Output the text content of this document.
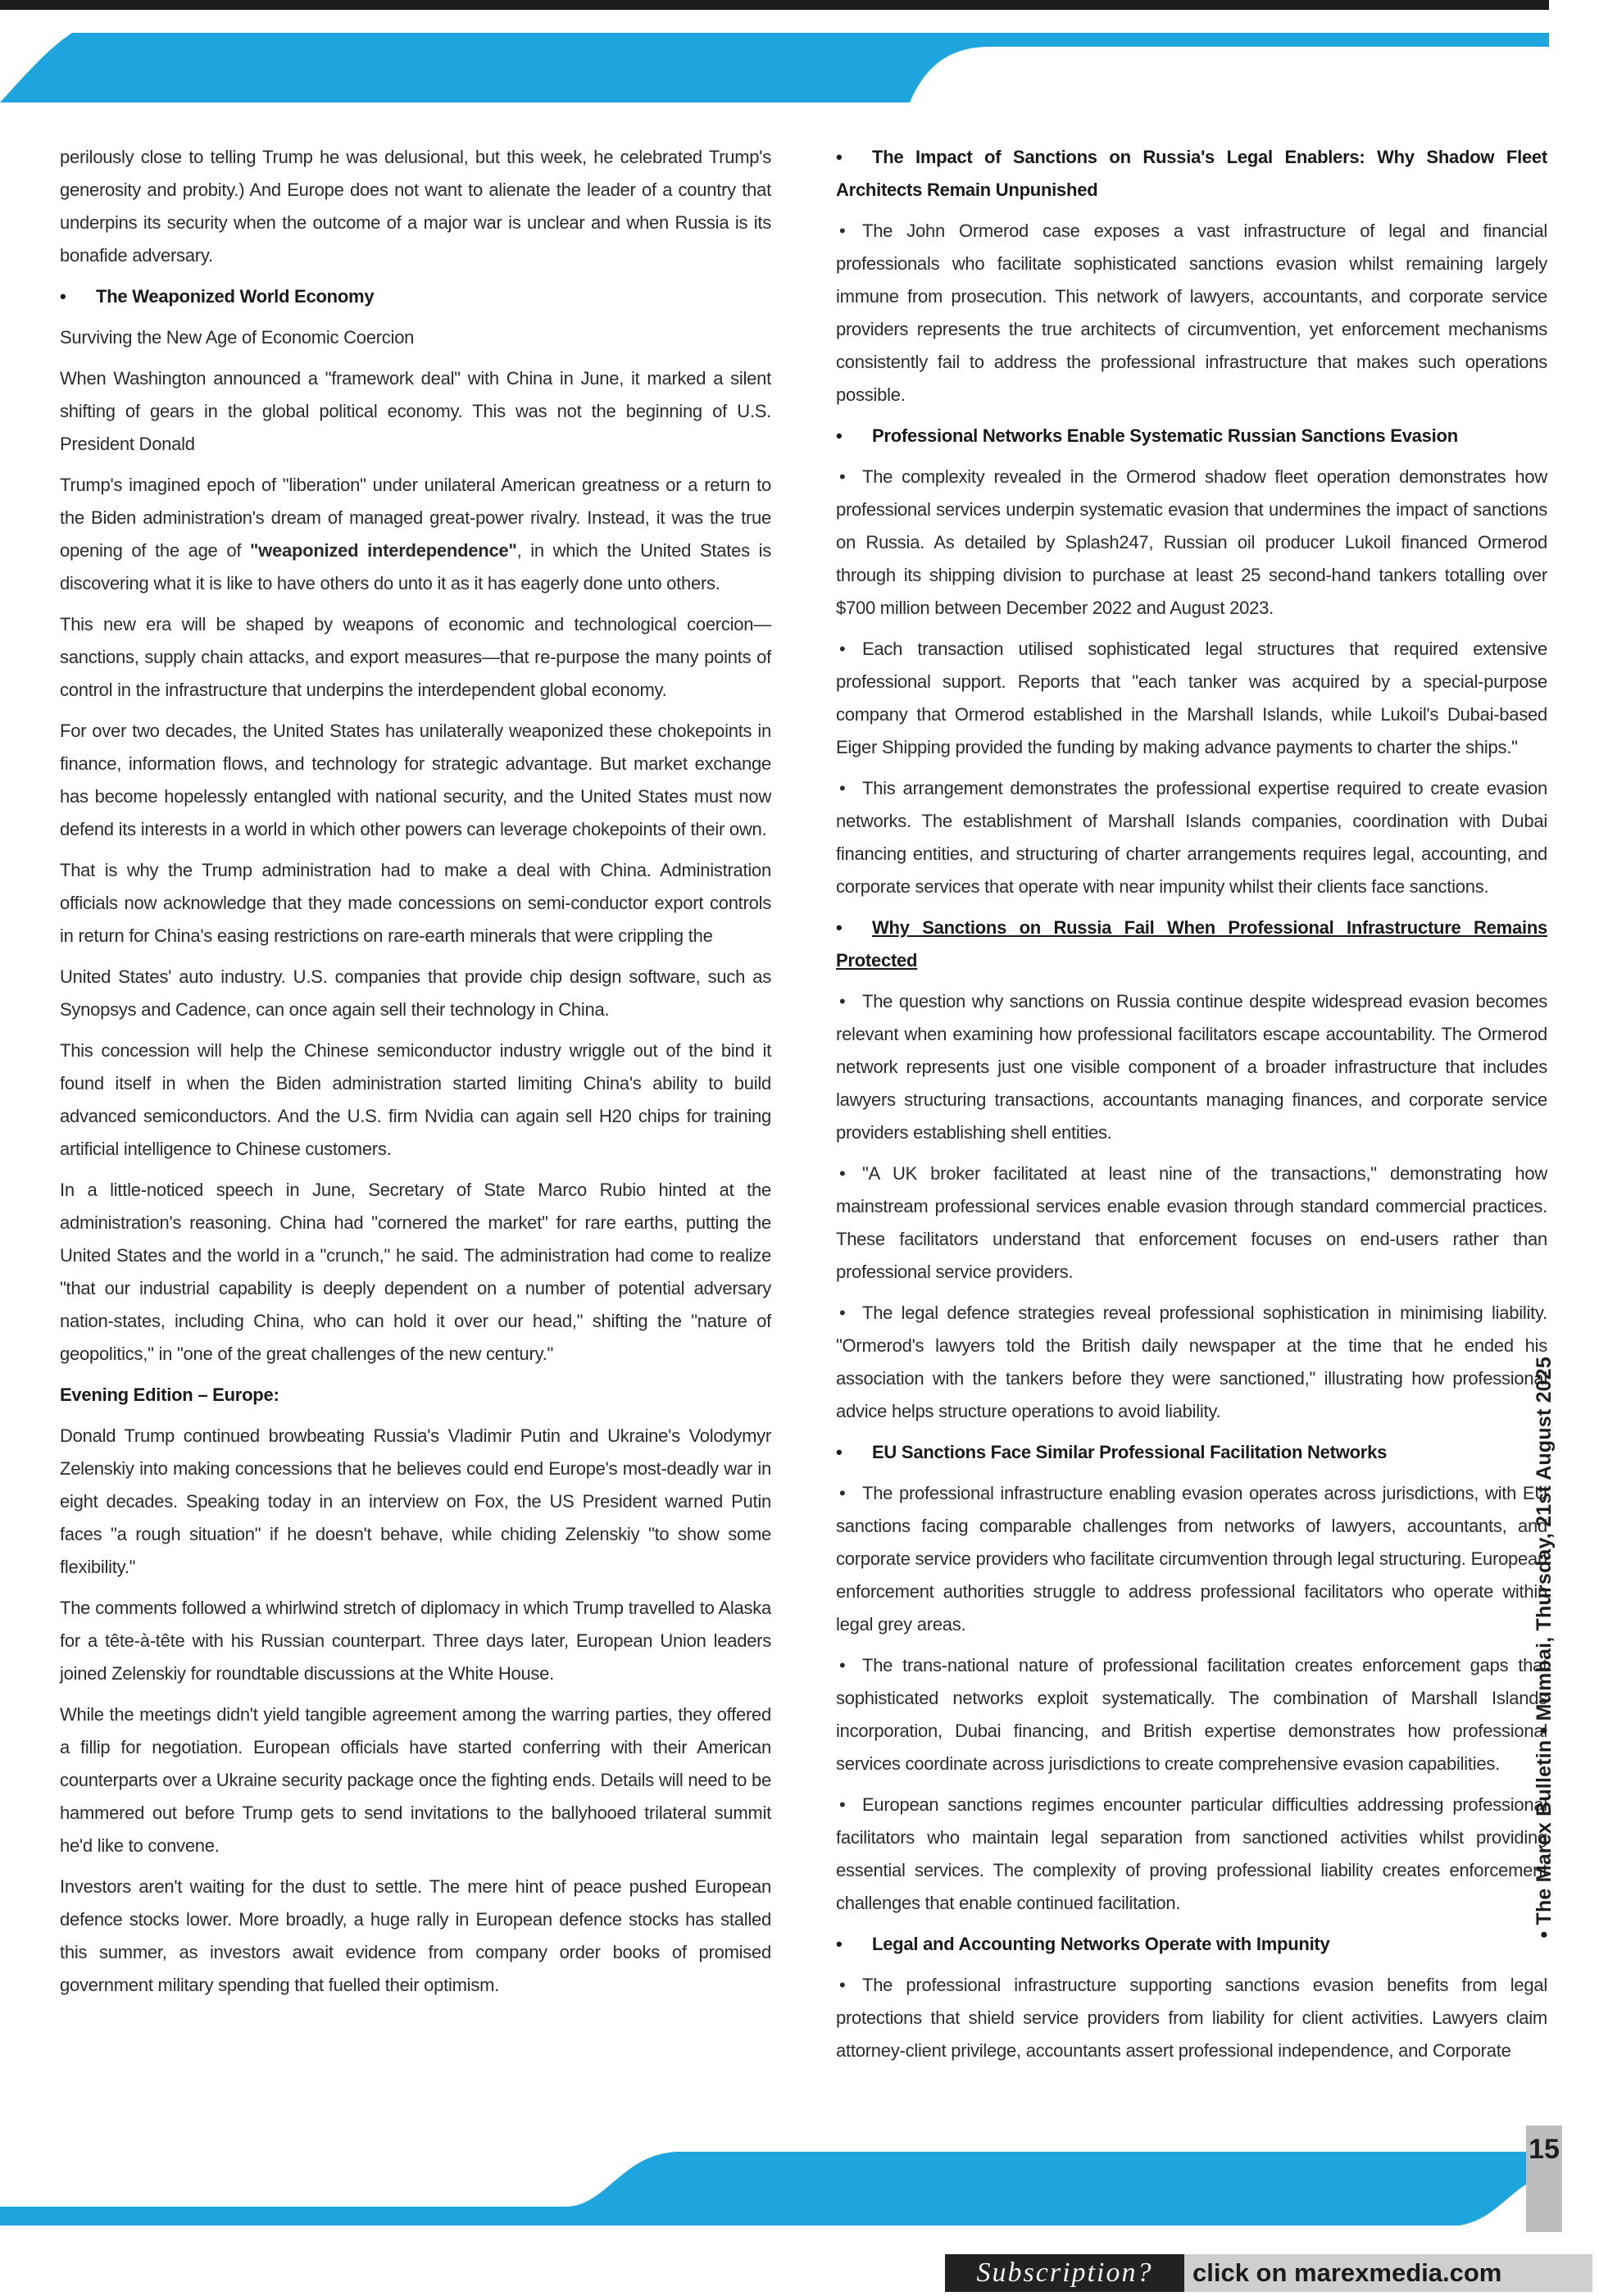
perilously close to telling Trump he was delusional, but this week, he celebrated Trump's generosity and probity.) And Europe does not want to alienate the leader of a country that underpins its security when the outcome of a major war is unclear and when Russia is its bonafide adversary.

• The Weaponized World Economy

Surviving the New Age of Economic Coercion

When Washington announced a "framework deal" with China in June, it marked a silent shifting of gears in the global political economy. This was not the beginning of U.S. President Donald

Trump's imagined epoch of "liberation" under unilateral American greatness or a return to the Biden administration's dream of managed great-power rivalry. Instead, it was the true opening of the age of "weaponized interdependence", in which the United States is discovering what it is like to have others do unto it as it has eagerly done unto others.

This new era will be shaped by weapons of economic and technological coercion—sanctions, supply chain attacks, and export measures—that re-purpose the many points of control in the infrastructure that underpins the interdependent global economy.

For over two decades, the United States has unilaterally weaponized these chokepoints in finance, information flows, and technology for strategic advantage. But market exchange has become hopelessly entangled with national security, and the United States must now defend its interests in a world in which other powers can leverage chokepoints of their own.

That is why the Trump administration had to make a deal with China. Administration officials now acknowledge that they made concessions on semi-conductor export controls in return for China's easing restrictions on rare-earth minerals that were crippling the

United States' auto industry. U.S. companies that provide chip design software, such as Synopsys and Cadence, can once again sell their technology in China.

This concession will help the Chinese semiconductor industry wriggle out of the bind it found itself in when the Biden administration started limiting China's ability to build advanced semiconductors. And the U.S. firm Nvidia can again sell H20 chips for training artificial intelligence to Chinese customers.

In a little-noticed speech in June, Secretary of State Marco Rubio hinted at the administration's reasoning. China had "cornered the market" for rare earths, putting the United States and the world in a "crunch," he said. The administration had come to realize "that our industrial capability is deeply dependent on a number of potential adversary nation-states, including China, who can hold it over our head," shifting the "nature of geopolitics," in "one of the great challenges of the new century."

Evening Edition – Europe:

Donald Trump continued browbeating Russia's Vladimir Putin and Ukraine's Volodymyr Zelenskiy into making concessions that he believes could end Europe's most-deadly war in eight decades. Speaking today in an interview on Fox, the US President warned Putin faces "a rough situation" if he doesn't behave, while chiding Zelenskiy "to show some flexibility."

The comments followed a whirlwind stretch of diplomacy in which Trump travelled to Alaska for a tête-à-tête with his Russian counterpart. Three days later, European Union leaders joined Zelenskiy for roundtable discussions at the White House.

While the meetings didn't yield tangible agreement among the warring parties, they offered a fillip for negotiation. European officials have started conferring with their American counterparts over a Ukraine security package once the fighting ends. Details will need to be hammered out before Trump gets to send invitations to the ballyhooed trilateral summit he'd like to convene.

Investors aren't waiting for the dust to settle. The mere hint of peace pushed European defence stocks lower. More broadly, a huge rally in European defence stocks has stalled this summer, as investors await evidence from company order books of promised government military spending that fuelled their optimism.

• The Impact of Sanctions on Russia's Legal Enablers: Why Shadow Fleet Architects Remain Unpunished

• The John Ormerod case exposes a vast infrastructure of legal and financial professionals who facilitate sophisticated sanctions evasion whilst remaining largely immune from prosecution. This network of lawyers, accountants, and corporate service providers represents the true architects of circumvention, yet enforcement mechanisms consistently fail to address the professional infrastructure that makes such operations possible.

• Professional Networks Enable Systematic Russian Sanctions Evasion

• The complexity revealed in the Ormerod shadow fleet operation demonstrates how professional services underpin systematic evasion that undermines the impact of sanctions on Russia. As detailed by Splash247, Russian oil producer Lukoil financed Ormerod through its shipping division to purchase at least 25 second-hand tankers totalling over $700 million between December 2022 and August 2023.

• Each transaction utilised sophisticated legal structures that required extensive professional support. Reports that "each tanker was acquired by a special-purpose company that Ormerod established in the Marshall Islands, while Lukoil's Dubai-based Eiger Shipping provided the funding by making advance payments to charter the ships."

• This arrangement demonstrates the professional expertise required to create evasion networks. The establishment of Marshall Islands companies, coordination with Dubai financing entities, and structuring of charter arrangements requires legal, accounting, and corporate services that operate with near impunity whilst their clients face sanctions.

• Why Sanctions on Russia Fail When Professional Infrastructure Remains Protected

• The question why sanctions on Russia continue despite widespread evasion becomes relevant when examining how professional facilitators escape accountability. The Ormerod network represents just one visible component of a broader infrastructure that includes lawyers structuring transactions, accountants managing finances, and corporate service providers establishing shell entities.

• "A UK broker facilitated at least nine of the transactions," demonstrating how mainstream professional services enable evasion through standard commercial practices. These facilitators understand that enforcement focuses on end-users rather than professional service providers.

• The legal defence strategies reveal professional sophistication in minimising liability. "Ormerod's lawyers told the British daily newspaper at the time that he ended his association with the tankers before they were sanctioned," illustrating how professional advice helps structure operations to avoid liability.

• EU Sanctions Face Similar Professional Facilitation Networks

• The professional infrastructure enabling evasion operates across jurisdictions, with EU sanctions facing comparable challenges from networks of lawyers, accountants, and corporate service providers who facilitate circumvention through legal structuring. European enforcement authorities struggle to address professional facilitators who operate within legal grey areas.

• The trans-national nature of professional facilitation creates enforcement gaps that sophisticated networks exploit systematically. The combination of Marshall Islands incorporation, Dubai financing, and British expertise demonstrates how professional services coordinate across jurisdictions to create comprehensive evasion capabilities.

• European sanctions regimes encounter particular difficulties addressing professional facilitators who maintain legal separation from sanctioned activities whilst providing essential services. The complexity of proving professional liability creates enforcement challenges that enable continued facilitation.

• Legal and Accounting Networks Operate with Impunity

• The professional infrastructure supporting sanctions evasion benefits from legal protections that shield service providers from liability for client activities. Lawyers claim attorney-client privilege, accountants assert professional independence, and Corporate

• The Marex Bulletin • Mumbai, Thursday, 21st August 2025
15
Subscription?	click on marexmedia.com
